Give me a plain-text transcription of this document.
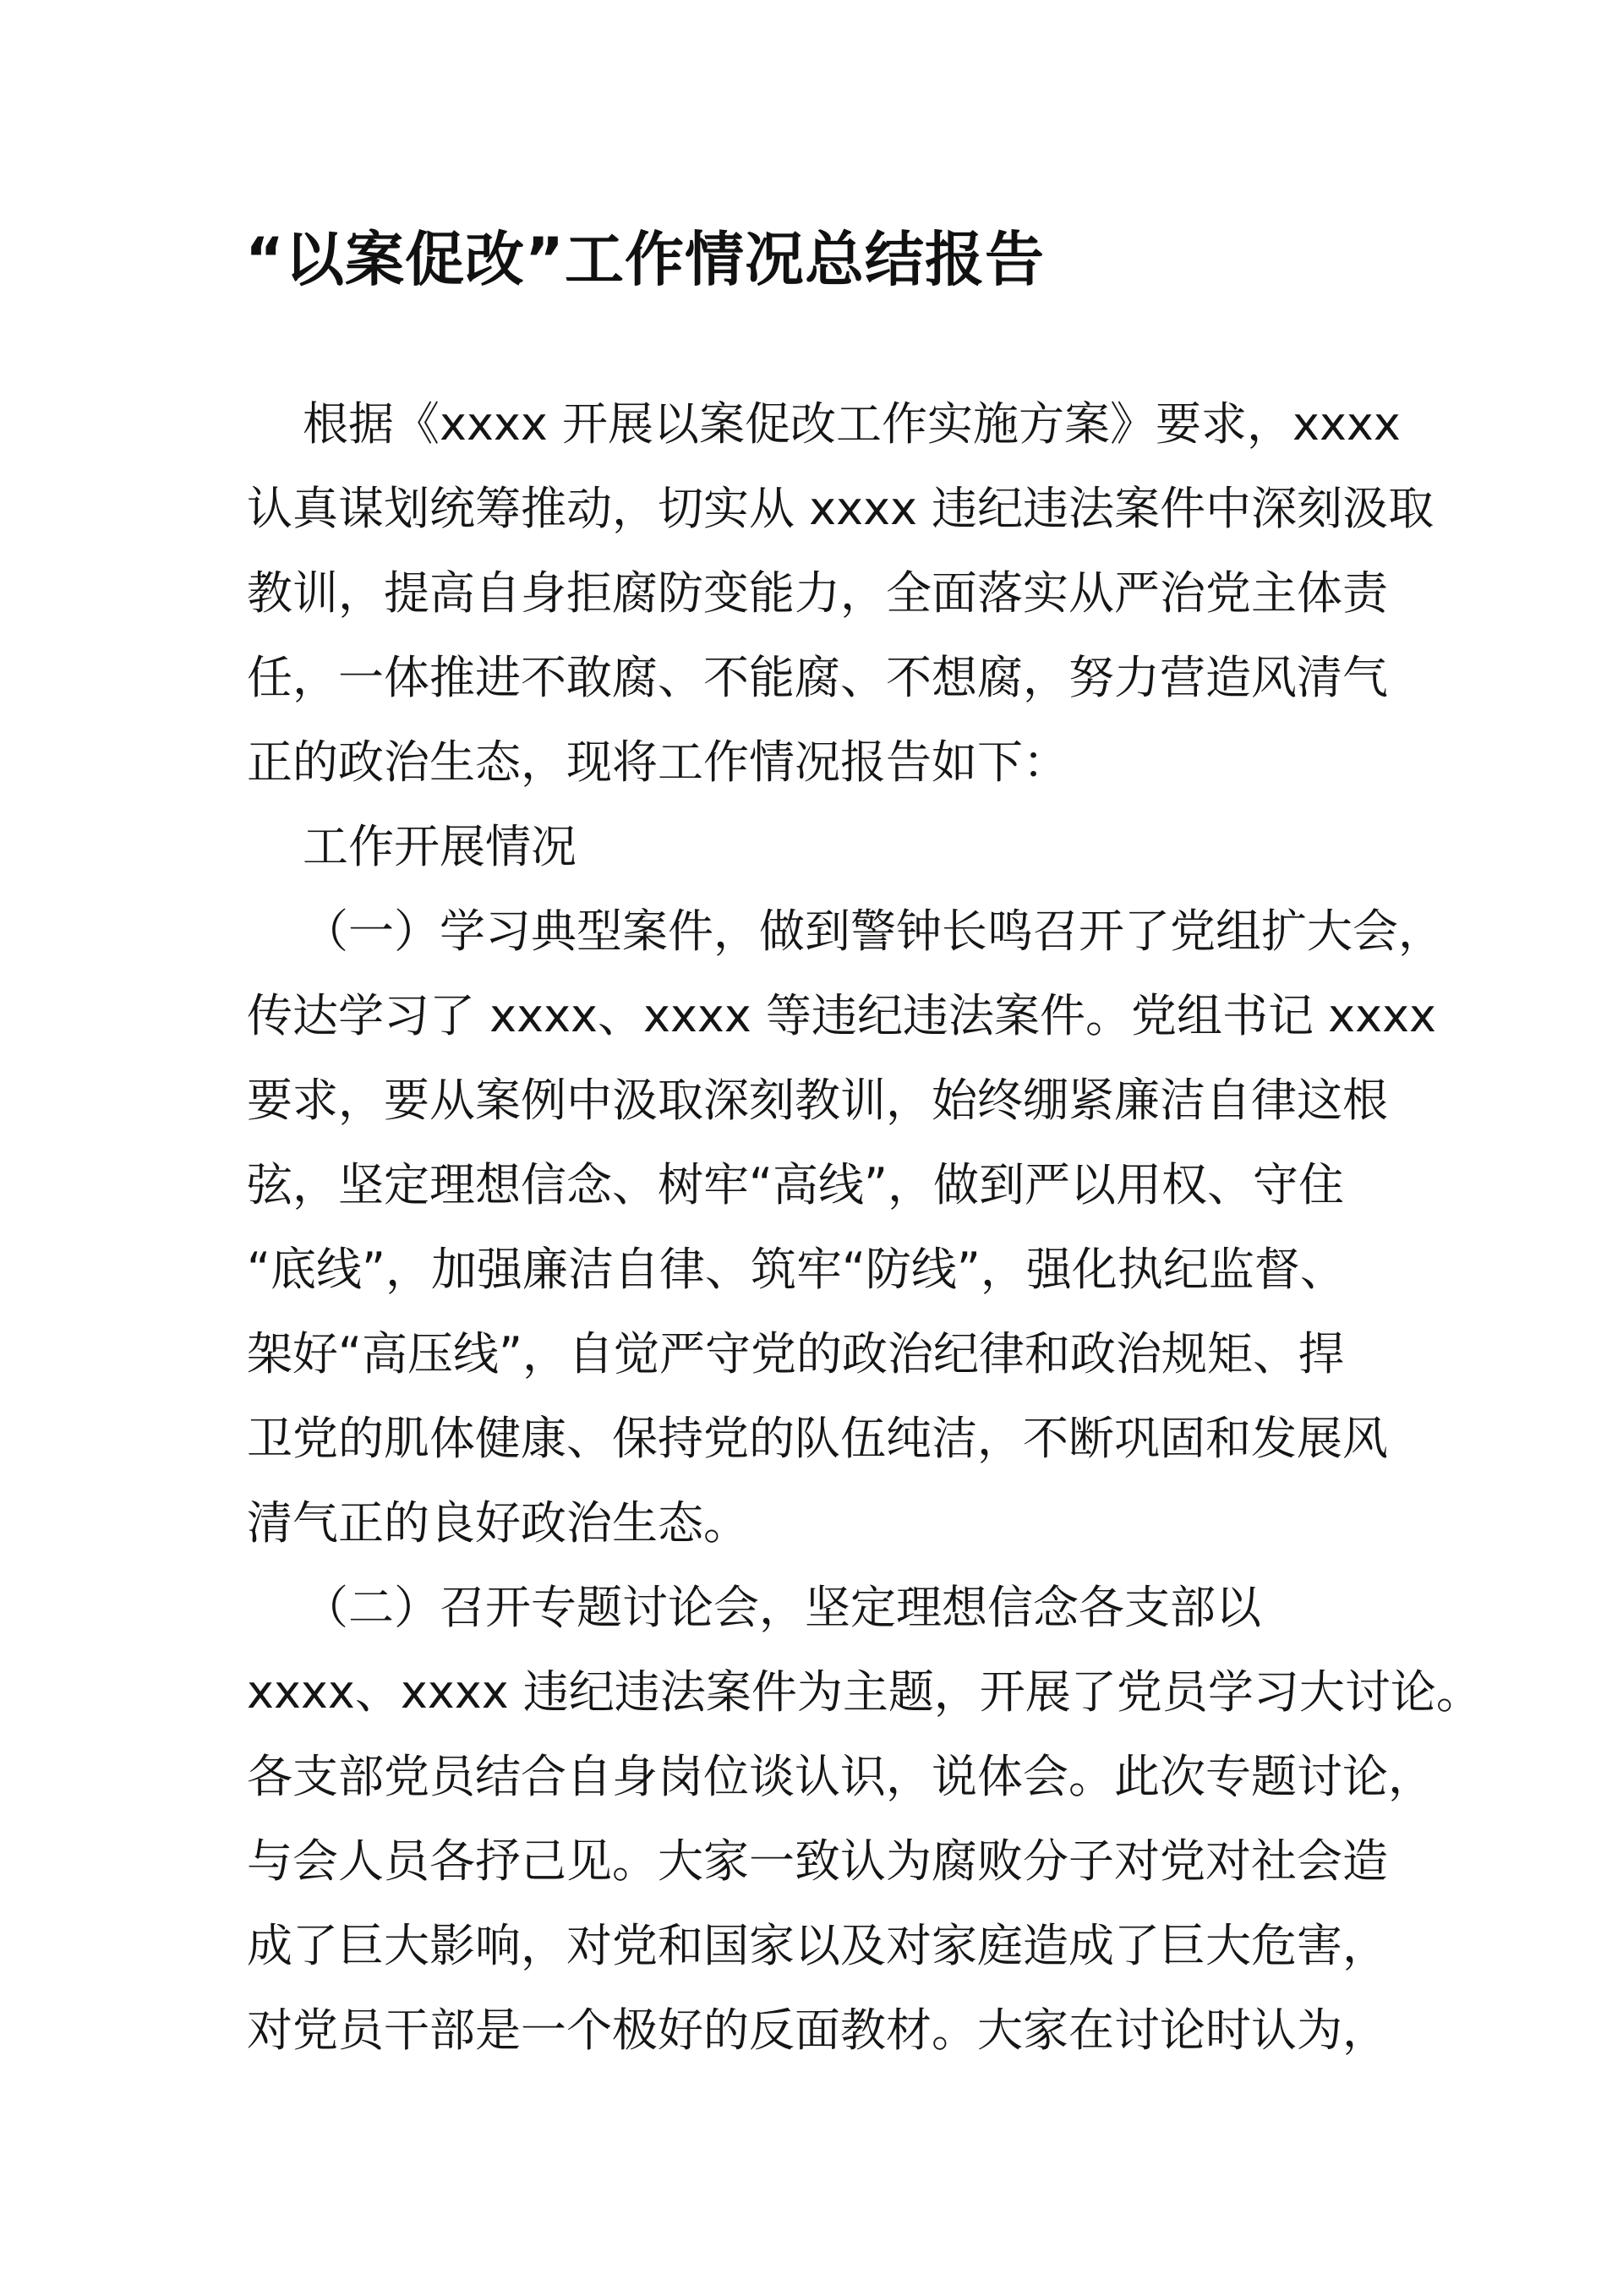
“以案促改”工作情况总结报告
根据《xxxx 开展以案促改工作实施方案》要求，xxxx
认真谋划统筹推动，切实从 xxxx 违纪违法案件中深刻汲取
教训，提高自身拒腐防变能力，全面落实从严治党主体责
任，一体推进不敢腐、不能腐、不想腐，努力营造风清气
正的政治生态，现将工作情况报告如下：
工作开展情况
（一）学习典型案件，做到警钟长鸣召开了党组扩大会，
传达学习了 xxxx、xxxx 等违纪违法案件。党组书记 xxxx
要求，要从案例中汲取深刻教训，始终绷紧廉洁自律这根
弦，坚定理想信念、树牢“高线”，做到严以用权、守住
“底线”，加强廉洁自律、筑牢“防线”，强化执纪监督、
架好“高压线”，自觉严守党的政治纪律和政治规矩、捍
卫党的肌体健康、保持党的队伍纯洁，不断巩固和发展风
清气正的良好政治生态。
（二）召开专题讨论会，坚定理想信念各支部以
xxxx、xxxx 违纪违法案件为主题，开展了党员学习大讨论。
各支部党员结合自身岗位谈认识，说体会。此次专题讨论，
与会人员各抒己见。大家一致认为腐败分子对党对社会造
成了巨大影响，对党和国家以及对家庭造成了巨大危害，
对党员干部是一个极好的反面教材。大家在讨论时认为，
